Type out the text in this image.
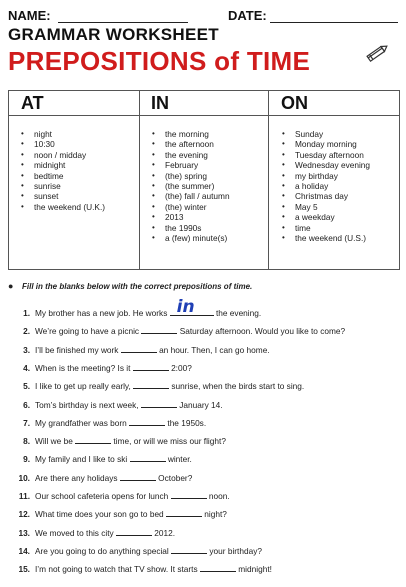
NAME:	DATE:
GRAMMAR WORKSHEET
PREPOSITIONS of TIME
AT	IN	ON
• night
• 10:30
• noon / midday
• midnight
• bedtime
• sunrise
• sunset
• the weekend (U.K.)
• the morning
• the afternoon
• the evening
• February
• (the) spring
• (the summer)
• (the) fall / autumn
• (the) winter
• 2013
• the 1990s
• a (few) minute(s)
• Sunday
• Monday morning
• Tuesday afternoon
• Wednesday evening
• my birthday
• a holiday
• Christmas day
• May 5
• a weekday
• time
• the weekend (U.S.)
● Fill in the blanks below with the correct prepositions of time.
1. My brother has a new job. He works in the evening.
2. We’re going to have a picnic	Saturday afternoon. Would you like to come?
3. I’ll be finished my work	an hour. Then, I can go home.
4. When is the meeting? Is it	2:00?
5. I like to get up really early,	sunrise, when the birds start to sing.
6. Tom’s birthday is next week,	January 14.
7. My grandfather was born	the 1950s.
8. Will we be	time, or will we miss our flight?
9. My family and I like to ski	winter.
10. Are there any holidays	October?
11. Our school cafeteria opens for lunch	noon.
12. What time does your son go to bed	night?
13. We moved to this city	2012.
14. Are you going to do anything special	your birthday?
15. I’m not going to watch that TV show. It starts	midnight!
